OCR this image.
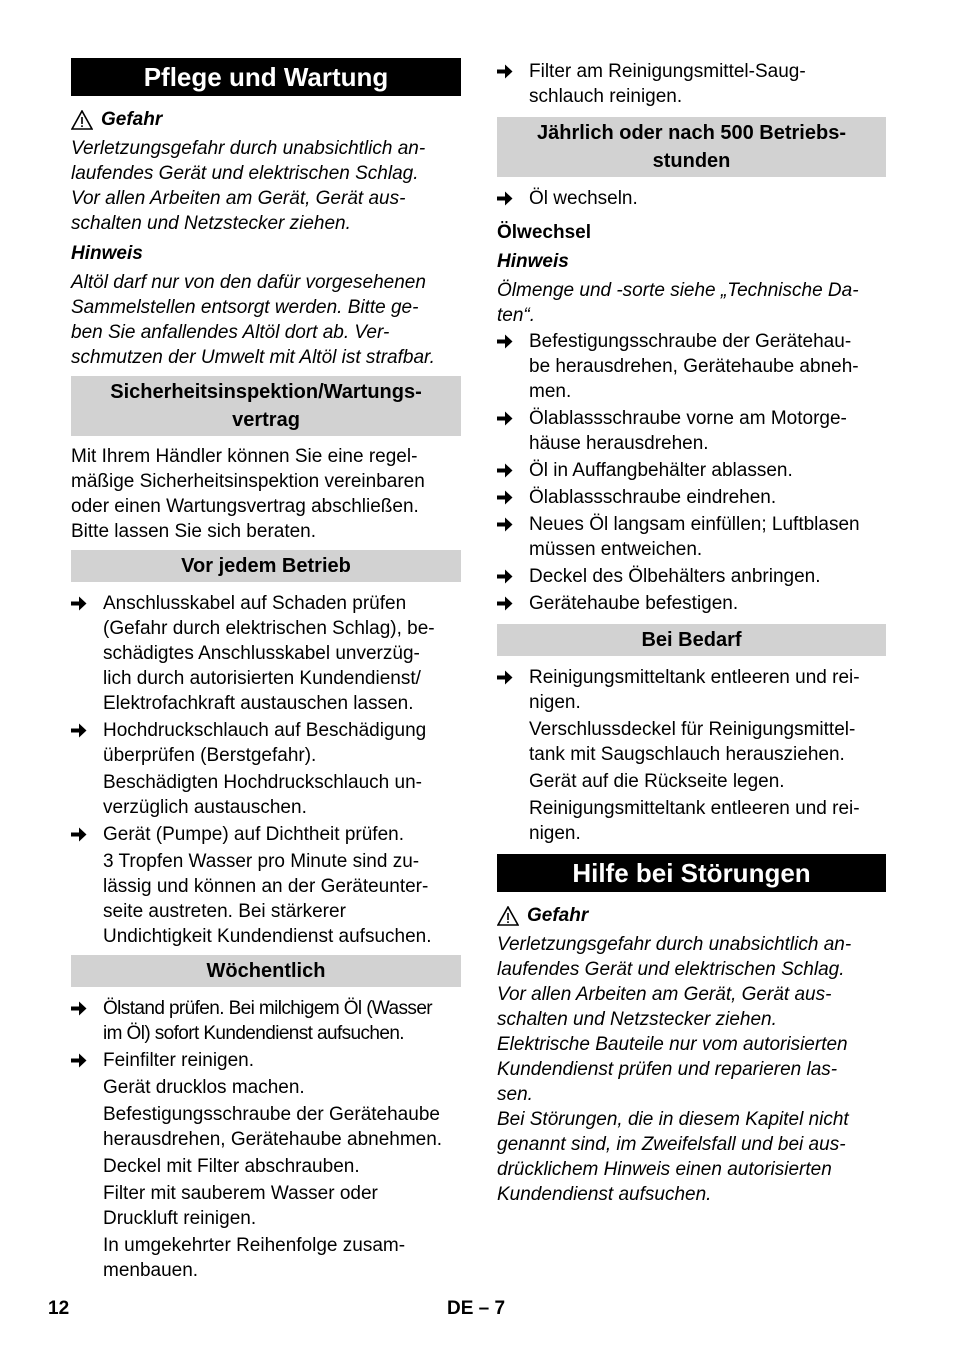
Pflege und Wartung
Gefahr
Verletzungsgefahr durch unabsichtlich an-
laufendes Gerät und elektrischen Schlag.
Vor allen Arbeiten am Gerät, Gerät aus-
schalten und Netzstecker ziehen.
Hinweis
Altöl darf nur von den dafür vorgesehenen
Sammelstellen entsorgt werden. Bitte ge-
ben Sie anfallendes Altöl dort ab. Ver-
schmutzen der Umwelt mit Altöl ist strafbar.
Sicherheitsinspektion/Wartungs-
vertrag
Mit Ihrem Händler können Sie eine regel-
mäßige Sicherheitsinspektion vereinbaren
oder einen Wartungsvertrag abschließen.
Bitte lassen Sie sich beraten.
Vor jedem Betrieb
Anschlusskabel auf Schaden prüfen
(Gefahr durch elektrischen Schlag), be-
schädigtes Anschlusskabel unverzüg-
lich durch autorisierten Kundendienst/
Elektrofachkraft austauschen lassen.
Hochdruckschlauch auf Beschädigung
überprüfen (Berstgefahr).
Beschädigten Hochdruckschlauch un-
verzüglich austauschen.
Gerät (Pumpe) auf Dichtheit prüfen.
3 Tropfen Wasser pro Minute sind zu-
lässig und können an der Geräteunter-
seite austreten. Bei stärkerer
Undichtigkeit Kundendienst aufsuchen.
Wöchentlich
Ölstand prüfen. Bei milchigem Öl (Wasser
im Öl) sofort Kundendienst aufsuchen.
Feinfilter reinigen.
Gerät drucklos machen.
Befestigungsschraube der Gerätehaube
herausdrehen, Gerätehaube abnehmen.
Deckel mit Filter abschrauben.
Filter mit sauberem Wasser oder
Druckluft reinigen.
In umgekehrter Reihenfolge zusam-
menbauen.
Filter am Reinigungsmittel-Saug-
schlauch reinigen.
Jährlich oder nach 500 Betriebs-
stunden
Öl wechseln.
Ölwechsel
Hinweis
Ölmenge und -sorte siehe „Technische Da-
ten“.
Befestigungsschraube der Gerätehau-
be herausdrehen, Gerätehaube abneh-
men.
Ölablassschraube vorne am Motorge-
häuse herausdrehen.
Öl in Auffangbehälter ablassen.
Ölablassschraube eindrehen.
Neues Öl langsam einfüllen; Luftblasen
müssen entweichen.
Deckel des Ölbehälters anbringen.
Gerätehaube befestigen.
Bei Bedarf
Reinigungsmitteltank entleeren und rei-
nigen.
Verschlussdeckel für Reinigungsmittel-
tank mit Saugschlauch herausziehen.
Gerät auf die Rückseite legen.
Reinigungsmitteltank entleeren und rei-
nigen.
Hilfe bei Störungen
Gefahr
Verletzungsgefahr durch unabsichtlich an-
laufendes Gerät und elektrischen Schlag.
Vor allen Arbeiten am Gerät, Gerät aus-
schalten und Netzstecker ziehen.
Elektrische Bauteile nur vom autorisierten
Kundendienst prüfen und reparieren las-
sen.
Bei Störungen, die in diesem Kapitel nicht
genannt sind, im Zweifelsfall und bei aus-
drücklichem Hinweis einen autorisierten
Kundendienst aufsuchen.
12	DE – 7
